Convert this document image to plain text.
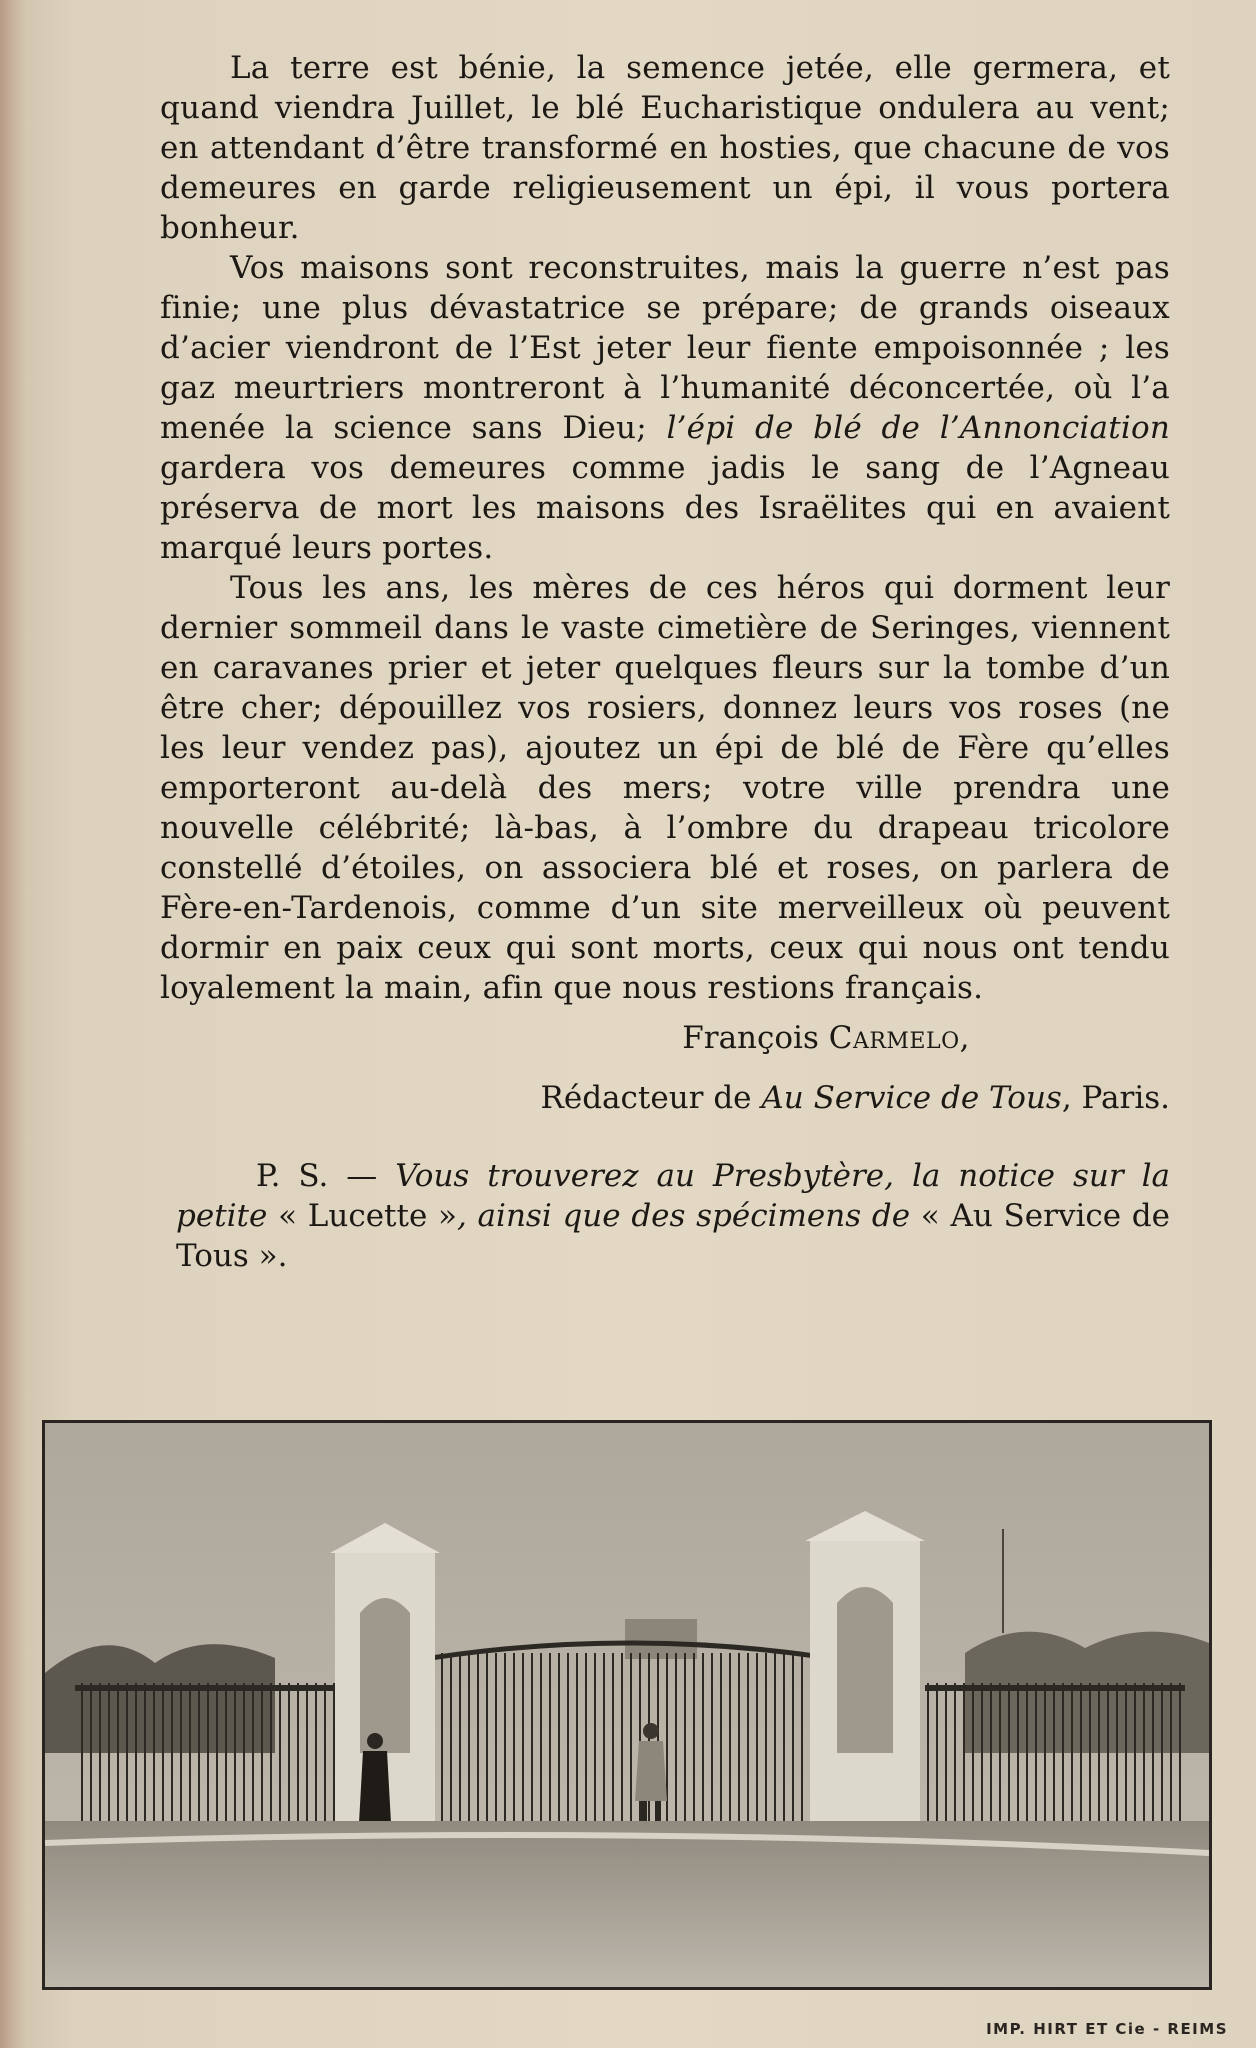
La terre est bénie, la semence jetée, elle germera, et quand viendra Juillet, le blé Eucharistique ondulera au vent; en attendant d’être transformé en hosties, que chacune de vos demeures en garde religieusement un épi, il vous portera bonheur.

Vos maisons sont reconstruites, mais la guerre n’est pas finie; une plus dévastatrice se prépare; de grands oiseaux d’acier viendront de l’Est jeter leur fiente empoisonnée ; les gaz meurtriers montreront à l’humanité déconcertée, où l’a menée la science sans Dieu; l’épi de blé de l’Annonciation gardera vos demeures comme jadis le sang de l’Agneau préserva de mort les maisons des Israëlites qui en avaient marqué leurs portes.

Tous les ans, les mères de ces héros qui dorment leur dernier sommeil dans le vaste cimetière de Seringes, viennent en caravanes prier et jeter quelques fleurs sur la tombe d’un être cher; dépouillez vos rosiers, donnez leurs vos roses (ne les leur vendez pas), ajoutez un épi de blé de Fère qu’elles emporteront au-delà des mers; votre ville prendra une nouvelle célébrité; là-bas, à l’ombre du drapeau tricolore constellé d’étoiles, on associera blé et roses, on parlera de Fère-en-Tardenois, comme d’un site merveilleux où peuvent dormir en paix ceux qui sont morts, ceux qui nous ont tendu loyalement la main, afin que nous restions français.

François Carmelo,
Rédacteur de Au Service de Tous, Paris.
P. S. — Vous trouverez au Presbytère, la notice sur la petite « Lucette », ainsi que des spécimens de « Au Service de Tous ».
IMP. HIRT ET Cie - REIMS
